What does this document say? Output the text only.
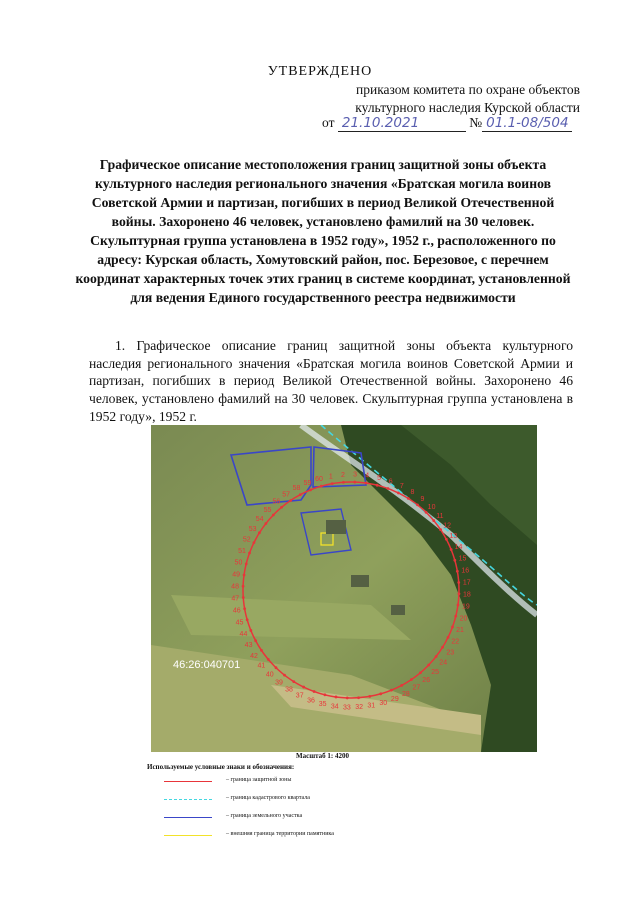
УТВЕРЖДЕНО
приказом комитета по охране объектов
культурного наследия Курской области
от 21.10.2021	№ 01.1-08/504
Графическое описание местоположения границ защитной зоны объекта культурного наследия регионального значения «Братская могила воинов Советской Армии и партизан, погибших в период Великой Отечественной войны. Захоронено 46 человек, установлено фамилий на 30 человек. Скульптурная группа установлена в 1952 году», 1952 г., расположенного по адресу: Курская область, Хомутовский район, пос. Березовое, с перечнем координат характерных точек этих границ в системе координат, установленной для ведения Единого государственного реестра недвижимости
1. Графическое описание границ защитной зоны объекта культурного наследия регионального значения «Братская могила воинов Советской Армии и партизан, погибших в период Великой Отечественной войны. Захоронено 46 человек, установлено фамилий на 30 человек. Скульптурная группа установлена в 1952 году», 1952 г.
1 2 3 4 5
6
7
8
9
10
11
12
13
14
15
16
17
18
19
20
21
22
23
24
25
26
27
28
29
30
31
32
33
34
35
36
37
38
39
40
41
42
43
44
45
46
47
48
49
50
51
52
53
54
55
56
57
58
59
60
46:26:040701
Масштаб 1: 4200
Используемые условные знаки и обозначения:
– граница защитной зоны
– граница кадастрового квартала
– граница земельного участка
– внешняя граница территории памятника
